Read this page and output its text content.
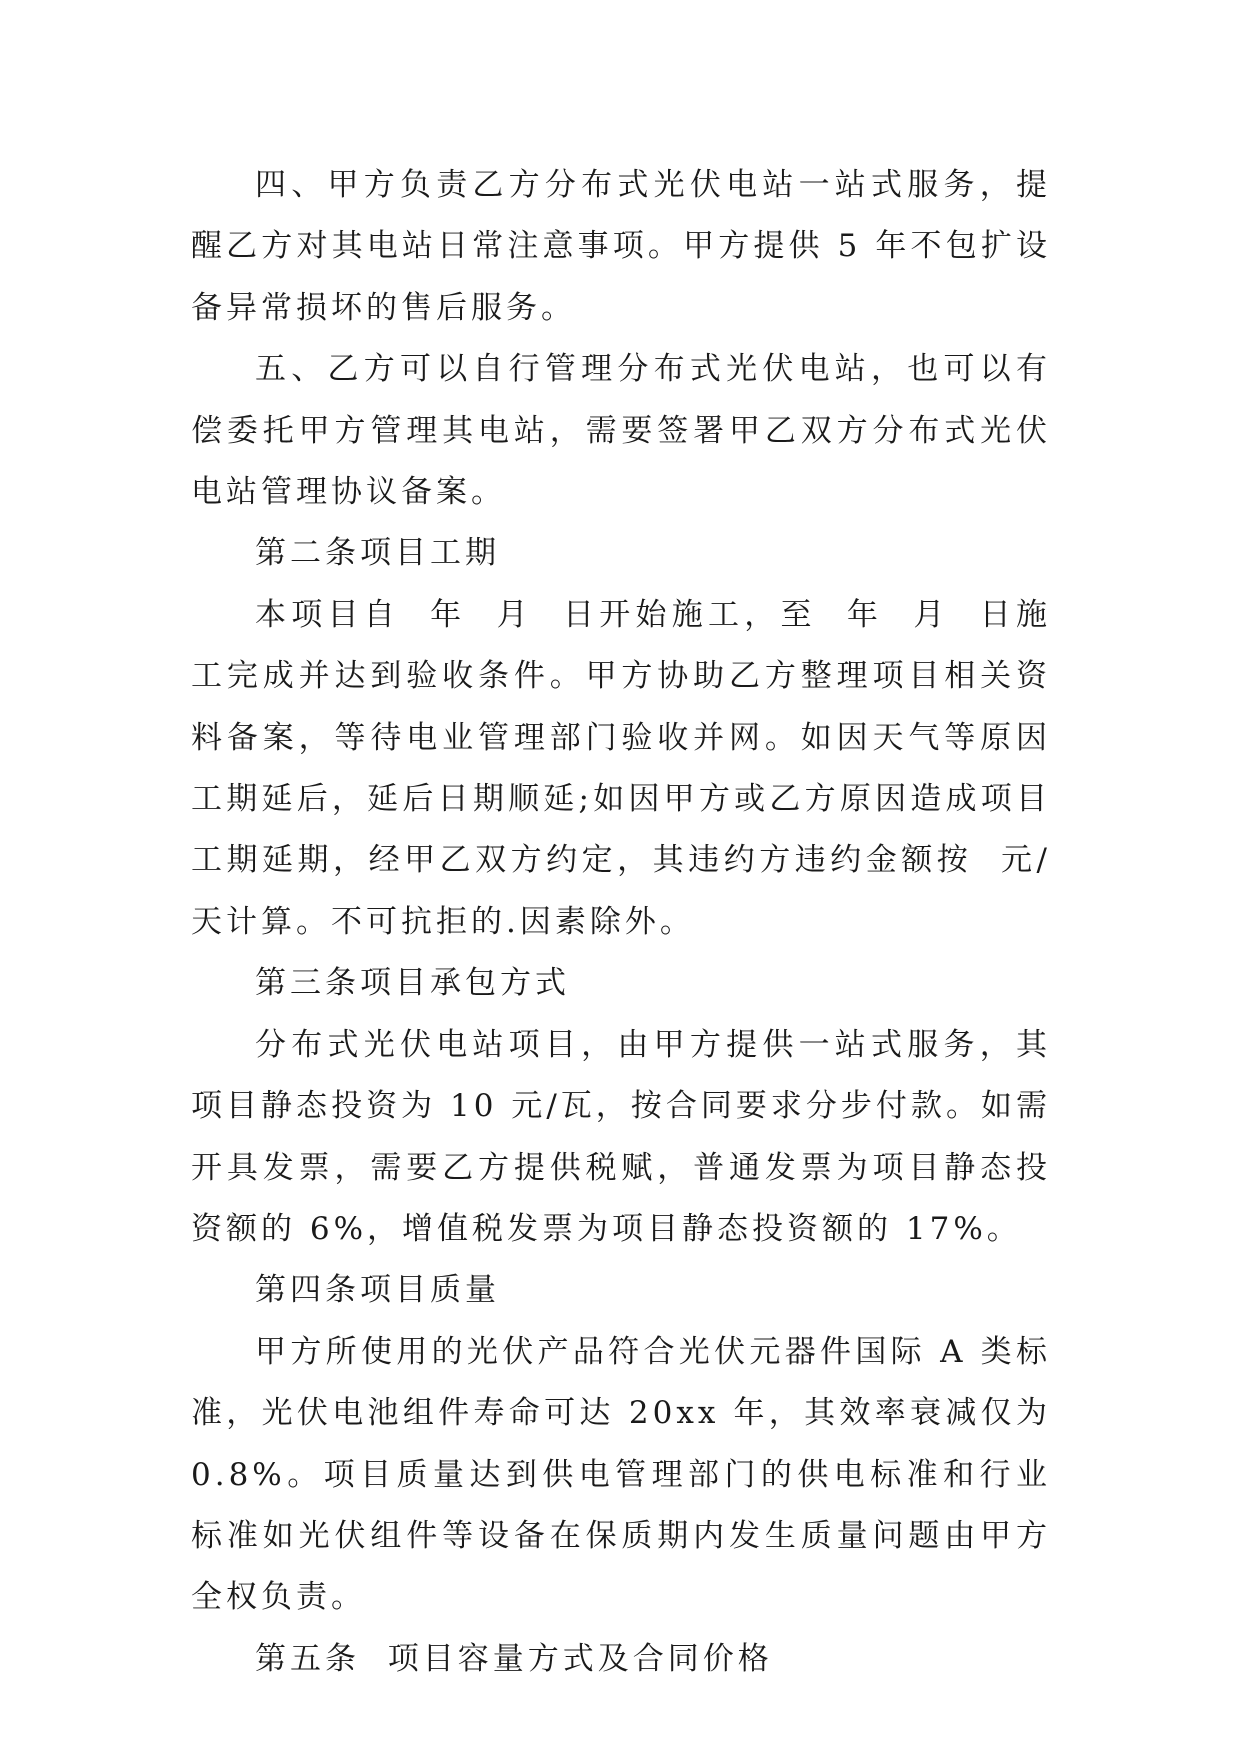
四、甲方负责乙方分布式光伏电站一站式服务，提醒乙方对其电站日常注意事项。甲方提供 5 年不包扩设备异常损坏的售后服务。

五、乙方可以自行管理分布式光伏电站，也可以有偿委托甲方管理其电站，需要签署甲乙双方分布式光伏电站管理协议备案。

第二条项目工期

本项目自  年  月  日开始施工，至  年  月  日施工完成并达到验收条件。甲方协助乙方整理项目相关资料备案，等待电业管理部门验收并网。如因天气等原因工期延后，延后日期顺延;如因甲方或乙方原因造成项目工期延期，经甲乙双方约定，其违约方违约金额按  元/天计算。不可抗拒的.因素除外。

第三条项目承包方式

分布式光伏电站项目，由甲方提供一站式服务，其项目静态投资为 10 元/瓦，按合同要求分步付款。如需开具发票，需要乙方提供税赋，普通发票为项目静态投资额的 6%，增值税发票为项目静态投资额的 17%。

第四条项目质量

甲方所使用的光伏产品符合光伏元器件国际 A 类标准，光伏电池组件寿命可达 20xx 年，其效率衰减仅为 0.8%。项目质量达到供电管理部门的供电标准和行业标准如光伏组件等设备在保质期内发生质量问题由甲方全权负责。

第五条  项目容量方式及合同价格
